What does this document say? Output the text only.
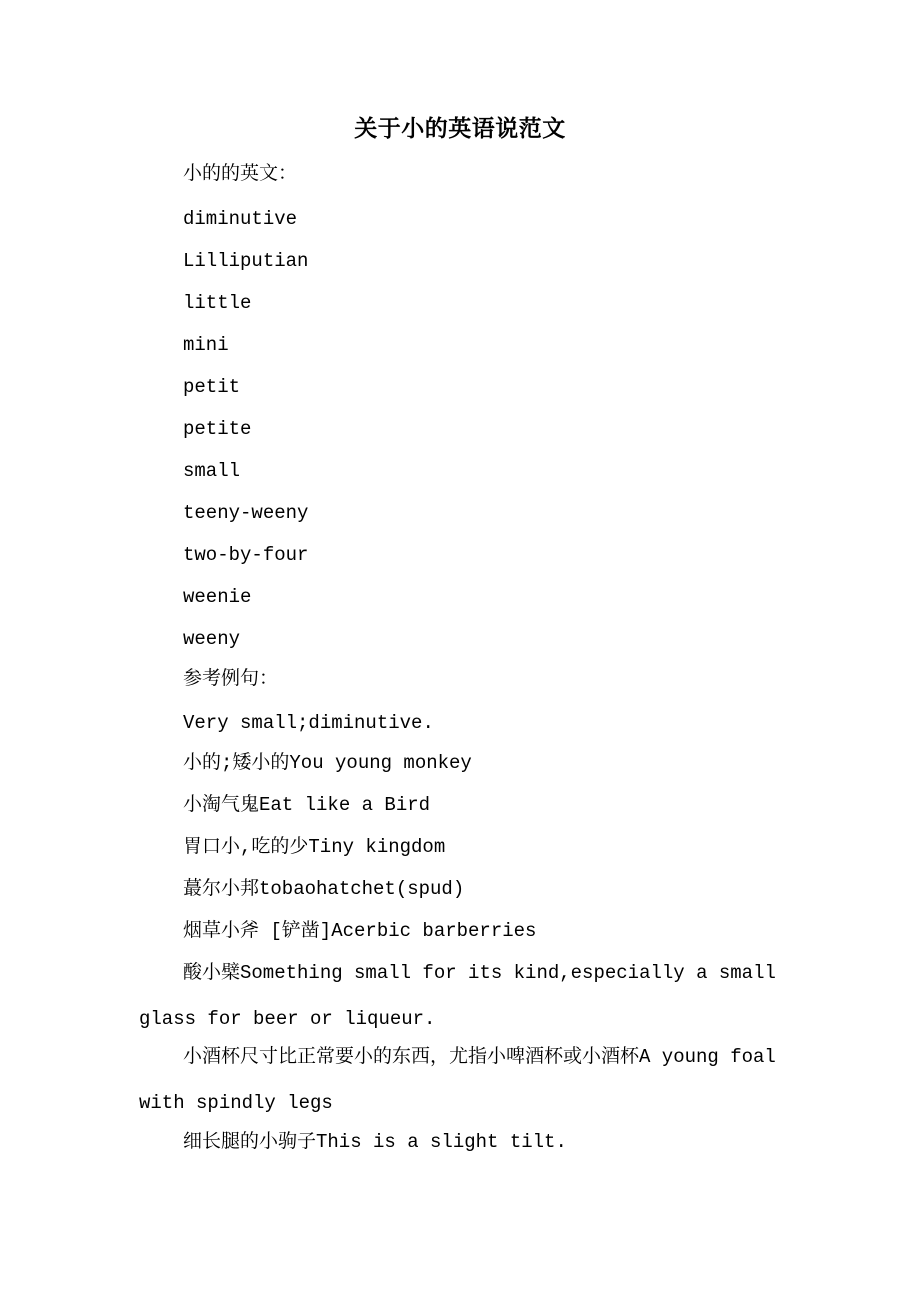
关于小的英语说范文
小的的英文：
diminutive
Lilliputian
little
mini
petit
petite
small
teeny-weeny
two-by-four
weenie
weeny
参考例句：
Very small;diminutive.
小的;矮小的You young monkey
小淘气鬼Eat like a Bird
胃口小,吃的少Tiny kingdom
蕞尔小邦tobaohatchet(spud)
烟草小斧 [铲凿]Acerbic barberries
酸小檗Something small for its kind,especially a small glass for beer or liqueur.
小酒杯尺寸比正常要小的东西，尤指小啤酒杯或小酒杯A young foal with spindly legs
细长腿的小驹子This is a slight tilt.
